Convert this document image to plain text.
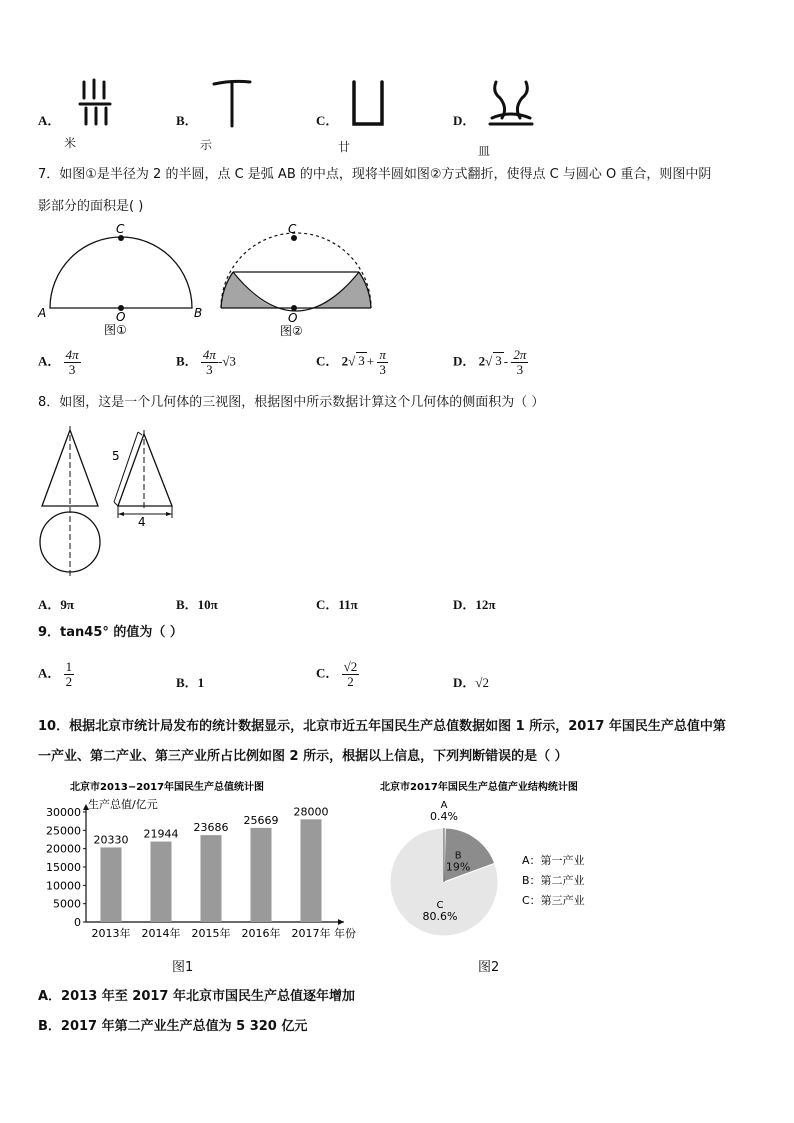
A．
米
B．
示
C．
廿
D．
皿
7．如图①是半径为 2 的半圆，点 C 是弧 AB 的中点，现将半圆如图②方式翻折，使得点 C 与圆心 O 重合，则图中阴
影部分的面积是( )
C
A	O	B
图①
C
O
图②
A． $\frac{4\pi}{3}$	B． $\frac{4\pi}{3} -√3$	C． 2√ $3 + \frac{\pi}{3}$	D． 2√ $3 - \frac{2\pi}{3}$
8．如图，这是一个几何体的三视图，根据图中所示数据计算这个几何体的侧面积为（ ）
5
4
A．9π	B．10π	C．11π	D．12π
9．tan45° 的值为（ ）
A． $\frac{1}{2}$	B．1
C． $\frac{√2}{2}$	D．√2
10．根据北京市统计局发布的统计数据显示，北京市近五年国民生产总值数据如图 1 所示，2017 年国民生产总值中第
一产业、第二产业、第三产业所占比例如图 2 所示，根据以上信息，下列判断错误的是（ ）
北京市2013−2017年国民生产总值统计图
生产总值/亿元
年份
0
5000
10000
15000
20000
25000
30000
20330
2013年
21944
2014年
23686
2015年
25669
2016年
28000
2017年
图1
北京市2017年国民生产总值产业结构统计图
A
0.4%
B
19%
C
80.6%
A：第一产业
B：第二产业
C：第三产业
图2
A．2013 年至 2017 年北京市国民生产总值逐年增加
B．2017 年第二产业生产总值为 5 320 亿元
